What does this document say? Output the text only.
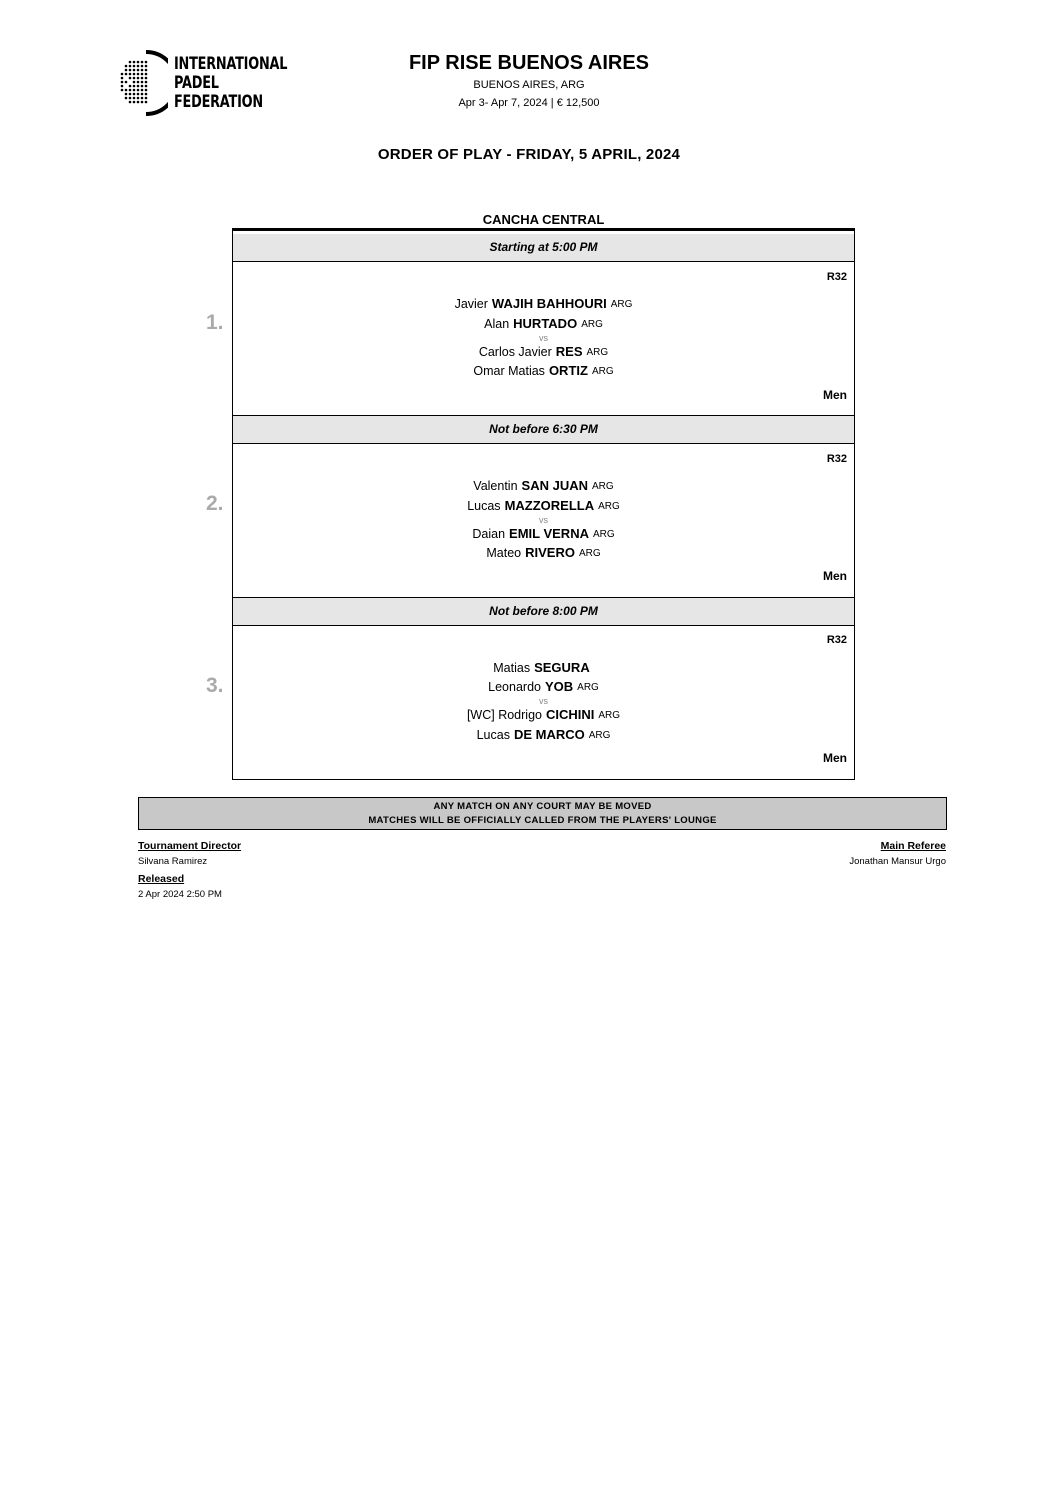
INTERNATIONAL
PADEL
FEDERATION
FIP RISE BUENOS AIRES
BUENOS AIRES, ARG
Apr 3- Apr 7, 2024 | € 12,500
ORDER OF PLAY - FRIDAY, 5 APRIL, 2024
CANCHA CENTRAL
1.
2.
3.
Starting at 5:00 PM
R32
Javier WAJIH BAHHOURI ARG
Alan HURTADO ARG
vs
Carlos Javier RES ARG
Omar Matias ORTIZ ARG
Men
Not before 6:30 PM
R32
Valentin SAN JUAN ARG
Lucas MAZZORELLA ARG
vs
Daian EMIL VERNA ARG
Mateo RIVERO ARG
Men
Not before 8:00 PM
R32
Matias SEGURA
Leonardo YOB ARG
vs
[WC] Rodrigo CICHINI ARG
Lucas DE MARCO ARG
Men
ANY MATCH ON ANY COURT MAY BE MOVED
MATCHES WILL BE OFFICIALLY CALLED FROM THE PLAYERS' LOUNGE
Tournament Director
Silvana Ramirez
Main Referee
Jonathan Mansur Urgo
Released
2 Apr 2024 2:50 PM
